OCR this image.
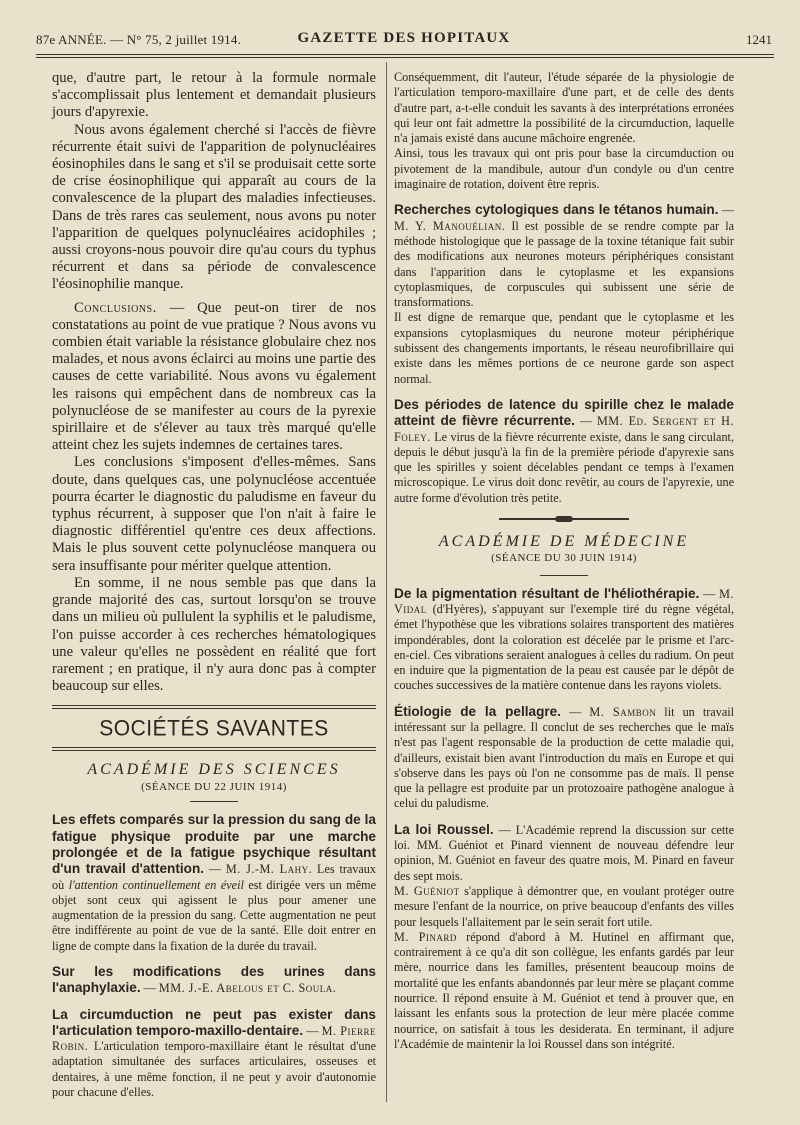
87e ANNÉE. — N° 75, 2 juillet 1914.	GAZETTE DES HOPITAUX	1241

que, d'autre part, le retour à la formule normale s'accomplissait plus lentement et demandait plusieurs jours d'apyrexie.

Nous avons également cherché si l'accès de fièvre récurrente était suivi de l'apparition de polynucléaires éosinophiles dans le sang et s'il se produisait cette sorte de crise éosinophilique qui apparaît au cours de la convalescence de la plupart des maladies infectieuses. Dans de très rares cas seulement, nous avons pu noter l'apparition de quelques polynucléaires acidophiles ; aussi croyons-nous pouvoir dire qu'au cours du typhus récurrent et dans sa période de convalescence l'éosinophilie manque.

Conclusions. — Que peut-on tirer de nos constatations au point de vue pratique ? Nous avons vu combien était variable la résistance globulaire chez nos malades, et nous avons éclairci au moins une partie des causes de cette variabilité. Nous avons vu également les raisons qui empêchent dans de nombreux cas la polynucléose de se manifester au cours de la pyrexie spirillaire et de s'élever au taux très marqué qu'elle atteint chez les sujets indemnes de certaines tares.

Les conclusions s'imposent d'elles-mêmes. Sans doute, dans quelques cas, une polynucléose accentuée pourra écarter le diagnostic du paludisme en faveur du typhus récurrent, à supposer que l'on n'ait à faire le diagnostic différentiel qu'entre ces deux affections. Mais le plus souvent cette polynucléose manquera ou sera insuffisante pour mériter quelque attention.

En somme, il ne nous semble pas que dans la grande majorité des cas, surtout lorsqu'on se trouve dans un milieu où pullulent la syphilis et le paludisme, l'on puisse accorder à ces recherches hématologiques une valeur qu'elles ne possèdent en réalité que fort rarement ; en pratique, il n'y aura donc pas à compter beaucoup sur elles.

SOCIÉTÉS SAVANTES
ACADÉMIE DES SCIENCES
(SÉANCE DU 22 JUIN 1914)

Les effets comparés sur la pression du sang de la fatigue physique produite par une marche prolongée et de la fatigue psychique résultant d'un travail d'attention. — M. J.-M. Lahy. Les travaux où l'attention continuellement en éveil est dirigée vers un même objet sont ceux qui agissent le plus pour amener une augmentation de la pression du sang. Cette augmentation ne peut être indifférente au point de vue de la santé. Elle doit entrer en ligne de compte dans la fixation de la durée du travail.

Sur les modifications des urines dans l'anaphylaxie. — MM. J.-E. Abelous et C. Soula.

La circumduction ne peut pas exister dans l'articulation temporo-maxillo-dentaire. — M. Pierre Robin. L'articulation temporo-maxillaire étant le résultat d'une adaptation simultanée des surfaces articulaires, osseuses et dentaires, à une même fonction, il ne peut y avoir d'autonomie pour chacune d'elles.

Conséquemment, dit l'auteur, l'étude séparée de la physiologie de l'articulation temporo-maxillaire d'une part, et de celle des dents d'autre part, a-t-elle conduit les savants à des interprétations erronées qui leur ont fait admettre la possibilité de la circumduction, laquelle n'a jamais existé dans aucune mâchoire engrenée.

Ainsi, tous les travaux qui ont pris pour base la circumduction ou pivotement de la mandibule, autour d'un condyle ou d'un centre imaginaire de rotation, doivent être repris.

Recherches cytologiques dans le tétanos humain. — M. Y. Manouélian. Il est possible de se rendre compte par la méthode histologique que le passage de la toxine tétanique fait subir des modifications aux neurones moteurs périphériques consistant dans l'apparition dans le cytoplasme et les expansions cytoplasmiques, de corpuscules qui subissent une série de transformations.

Il est digne de remarque que, pendant que le cytoplasme et les expansions cytoplasmiques du neurone moteur périphérique subissent des changements importants, le réseau neurofibrillaire qui existe dans les mêmes portions de ce neurone garde son aspect normal.

Des périodes de latence du spirille chez le malade atteint de fièvre récurrente. — MM. Ed. Sergent et H. Foley. Le virus de la fièvre récurrente existe, dans le sang circulant, depuis le début jusqu'à la fin de la première période d'apyrexie sans que les spirilles y soient décelables pendant ce temps à l'examen microscopique. Le virus doit donc revêtir, au cours de l'apyrexie, une autre forme d'évolution très petite.

ACADÉMIE DE MÉDECINE
(SÉANCE DU 30 JUIN 1914)

De la pigmentation résultant de l'héliothérapie. — M. Vidal (d'Hyères), s'appuyant sur l'exemple tiré du règne végétal, émet l'hypothèse que les vibrations solaires transportent des matières impondérables, dont la coloration est décelée par le prisme et l'arc-en-ciel. Ces vibrations seraient analogues à celles du radium. On peut en induire que la pigmentation de la peau est causée par le dépôt de couches successives de la matière contenue dans les rayons violets.

Étiologie de la pellagre. — M. Sambon lit un travail intéressant sur la pellagre. Il conclut de ses recherches que le maïs n'est pas l'agent responsable de la production de cette maladie qui, d'ailleurs, existait bien avant l'introduction du maïs en Europe et qui s'observe dans les pays où l'on ne consomme pas de maïs. Il pense que la pellagre est produite par un protozoaire pathogène analogue à celui du paludisme.

La loi Roussel. — L'Académie reprend la discussion sur cette loi. MM. Guéniot et Pinard viennent de nouveau défendre leur opinion, M. Guéniot en faveur des quatre mois, M. Pinard en faveur des sept mois.

M. Guéniot s'applique à démontrer que, en voulant protéger outre mesure l'enfant de la nourrice, on prive beaucoup d'enfants des villes pour lesquels l'allaitement par le sein serait fort utile.

M. Pinard répond d'abord à M. Hutinel en affirmant que, contrairement à ce qu'a dit son collègue, les enfants gardés par leur mère, nourrice dans les familles, présentent beaucoup moins de mortalité que les enfants abandonnés par leur mère se plaçant comme nourrice. Il répond ensuite à M. Guéniot et tend à prouver que, en laissant les enfants sous la protection de leur mère placée comme nourrice, on satisfait à tous les desiderata. En terminant, il adjure l'Académie de maintenir la loi Roussel dans son intégrité.
